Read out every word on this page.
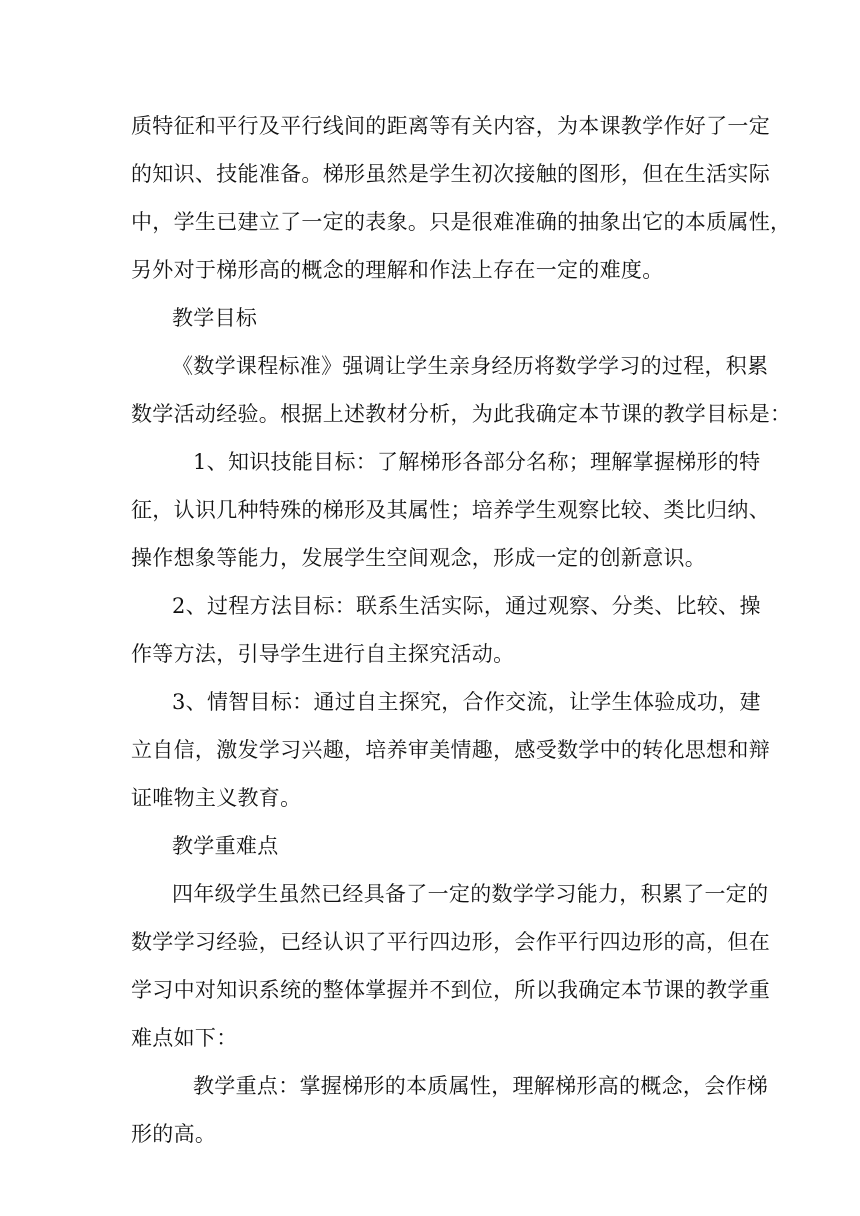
质特征和平行及平行线间的距离等有关内容，为本课教学作好了一定
的知识、技能准备。梯形虽然是学生初次接触的图形，但在生活实际
中，学生已建立了一定的表象。只是很难准确的抽象出它的本质属性，
另外对于梯形高的概念的理解和作法上存在一定的难度。
教学目标
《数学课程标准》强调让学生亲身经历将数学学习的过程，积累
数学活动经验。根据上述教材分析，为此我确定本节课的教学目标是：
1、知识技能目标：了解梯形各部分名称；理解掌握梯形的特
征，认识几种特殊的梯形及其属性；培养学生观察比较、类比归纳、
操作想象等能力，发展学生空间观念，形成一定的创新意识。
2、过程方法目标：联系生活实际，通过观察、分类、比较、操
作等方法，引导学生进行自主探究活动。
3、情智目标：通过自主探究，合作交流，让学生体验成功，建
立自信，激发学习兴趣，培养审美情趣，感受数学中的转化思想和辩
证唯物主义教育。
教学重难点
四年级学生虽然已经具备了一定的数学学习能力，积累了一定的
数学学习经验，已经认识了平行四边形，会作平行四边形的高，但在
学习中对知识系统的整体掌握并不到位，所以我确定本节课的教学重
难点如下：
教学重点：掌握梯形的本质属性，理解梯形高的概念，会作梯
形的高。
